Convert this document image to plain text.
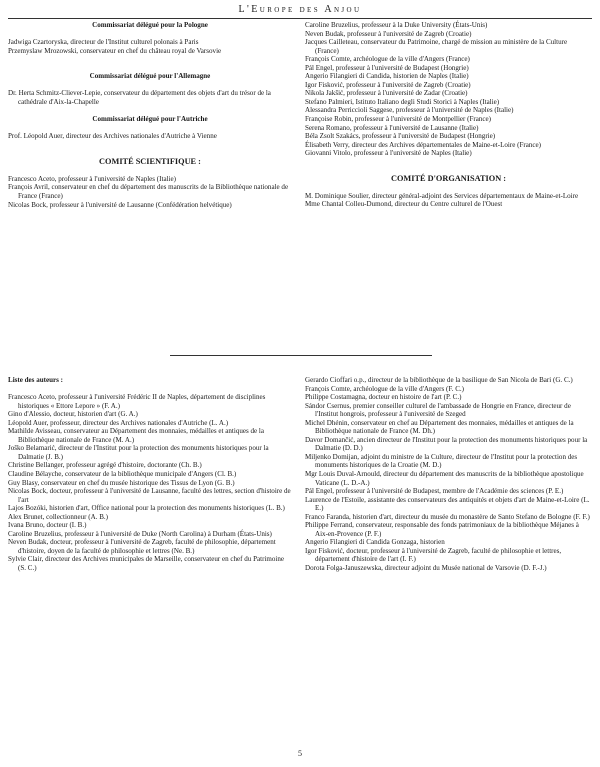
L'Europe des Anjou

Commissariat délégué pour la Pologne

Jadwiga Czartoryska, directeur de l'Institut culturel polonais à Paris

Przemyslaw Mrozowski, conservateur en chef du château royal de Varsovie

Commissariat délégué pour l'Allemagne

Dr. Herta Schmitz-Cliever-Lepie, conservateur du département des objets d'art du trésor de la cathédrale d'Aix-la-Chapelle

Commissariat délégué pour l'Autriche

Prof. Léopold Auer, directeur des Archives nationales d'Autriche à Vienne

COMITÉ SCIENTIFIQUE :

Francesco Aceto, professeur à l'université de Naples (Italie)

François Avril, conservateur en chef du département des manuscrits de la Bibliothèque nationale de France (France)

Nicolas Bock, professeur à l'université de Lausanne (Confédération helvétique)

Caroline Bruzelius, professeur à la Duke University (États-Unis)

Neven Budak, professeur à l'université de Zagreb (Croatie)

Jacques Cailleteau, conservateur du Patrimoine, chargé de mission au ministère de la Culture (France)

François Comte, archéologue de la ville d'Angers (France)

Pál Engel, professeur à l'université de Budapest (Hongrie)

Angerio Filangieri di Candida, historien de Naples (Italie)

Igor Fisković, professeur à l'université de Zagreb (Croatie)

Nikola Jakšić, professeur à l'université de Zadar (Croatie)

Stefano Palmieri, Istituto Italiano degli Studi Storici à Naples (Italie)

Alessandra Perriccioli Saggese, professeur à l'université de Naples (Italie)

Françoise Robin, professeur à l'université de Montpellier (France)

Serena Romano, professeur à l'université de Lausanne (Italie)

Béla Zsolt Szakács, professeur à l'université de Budapest (Hongrie)

Élisabeth Verry, directeur des Archives départementales de Maine-et-Loire (France)

Giovanni Vitolo, professeur à l'université de Naples (Italie)

COMITÉ D'ORGANISATION :

M. Dominique Soulier, directeur général-adjoint des Services départementaux de Maine-et-Loire

Mme Chantal Colleu-Dumond, directeur du Centre culturel de l'Ouest

Liste des auteurs :

Francesco Aceto, professeur à l'université Frédéric II de Naples, département de disciplines historiques « Ettore Lepore » (F. A.)

Gino d'Alessio, docteur, historien d'art (G. A.)

Léopold Auer, professeur, directeur des Archives nationales d'Autriche (L. A.)

Mathilde Avisseau, conservateur au Département des monnaies, médailles et antiques de la Bibliothèque nationale de France (M. A.)

Joško Belamarić, directeur de l'Institut pour la protection des monuments historiques pour la Dalmatie (J. B.)

Christine Bellanger, professeur agrégé d'histoire, doctorante (Ch. B.)

Claudine Bélayche, conservateur de la bibliothèque municipale d'Angers (Cl. B.)

Guy Blasy, conservateur en chef du musée historique des Tissus de Lyon (G. B.)

Nicolas Bock, docteur, professeur à l'université de Lausanne, faculté des lettres, section d'histoire de l'art

Lajos Bozóki, historien d'art, Office national pour la protection des monuments historiques (L. B.)

Alex Brunet, collectionneur (A. B.)

Ivana Bruno, docteur (I. B.)

Caroline Bruzelius, professeur à l'université de Duke (North Carolina) à Durham (États-Unis)

Neven Budak, docteur, professeur à l'université de Zagreb, faculté de philosophie, département d'histoire, doyen de la faculté de philosophie et lettres (Ne. B.)

Sylvie Clair, directeur des Archives municipales de Marseille, conservateur en chef du Patrimoine (S. C.)

Gerardo Cioffari o.p., directeur de la bibliothèque de la basilique de San Nicola de Bari (G. C.)

François Comte, archéologue de la ville d'Angers (F. C.)

Philippe Costamagna, docteur en histoire de l'art (P. C.)

Sándor Csernus, premier conseiller culturel de l'ambassade de Hongrie en France, directeur de l'Institut hongrois, professeur à l'université de Szeged

Michel Dhénin, conservateur en chef au Département des monnaies, médailles et antiques de la Bibliothèque nationale de France (M. Dh.)

Davor Domančić, ancien directeur de l'Institut pour la protection des monuments historiques pour la Dalmatie (D. D.)

Miljenko Domijan, adjoint du ministre de la Culture, directeur de l'Institut pour la protection des monuments historiques de la Croatie (M. D.)

Mgr Louis Duval-Arnould, directeur du département des manuscrits de la bibliothèque apostolique Vaticane (L. D.-A.)

Pál Engel, professeur à l'université de Budapest, membre de l'Académie des sciences (P. E.)

Laurence de l'Estoile, assistante des conservateurs des antiquités et objets d'art de Maine-et-Loire (L. E.)

Franco Faranda, historien d'art, directeur du musée du monastère de Santo Stefano de Bologne (F. F.)

Philippe Ferrand, conservateur, responsable des fonds patrimoniaux de la bibliothèque Méjanes à Aix-en-Provence (P. F.)

Angerio Filangieri di Candida Gonzaga, historien

Igor Fisković, docteur, professeur à l'université de Zagreb, faculté de philosophie et lettres, département d'histoire de l'art (I. F.)

Dorota Folga-Januszewska, directeur adjoint du Musée national de Varsovie (D. F.-J.)

5
